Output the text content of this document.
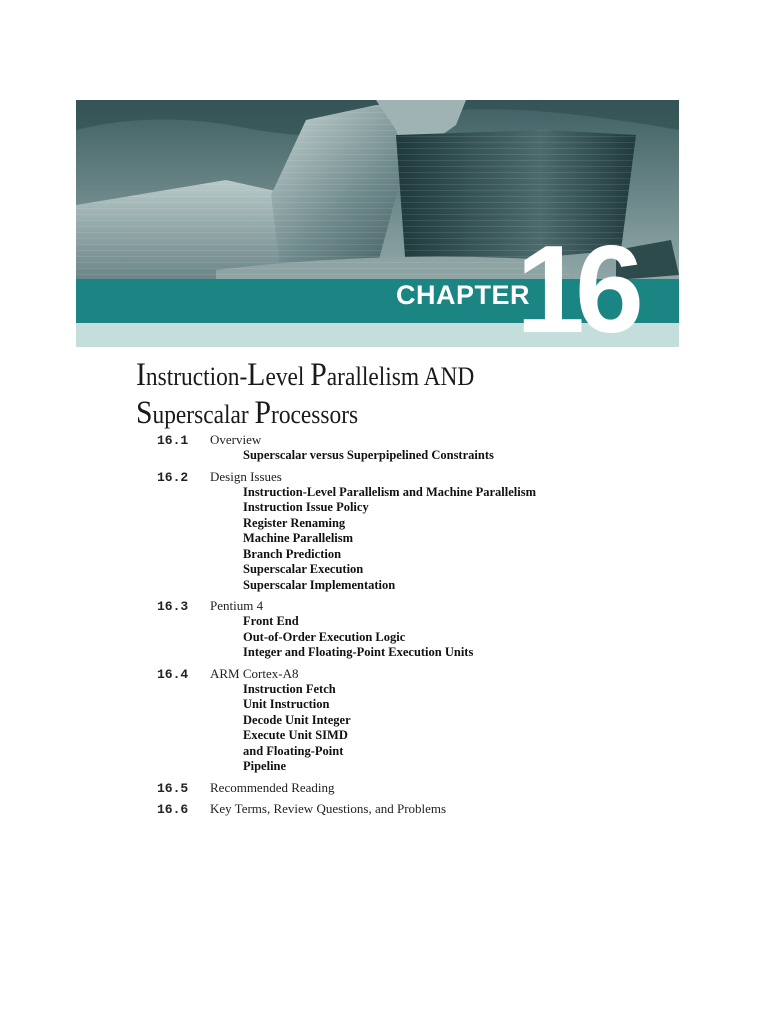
CHAPTER
16
Instruction-Level Parallelism AND
Superscalar Processors
16.1	Overview
Superscalar versus Superpipelined Constraints
16.2	Design Issues
Instruction-Level Parallelism and Machine Parallelism
Instruction Issue Policy
Register Renaming
Machine Parallelism
Branch Prediction
Superscalar Execution
Superscalar Implementation
16.3	Pentium 4
Front End
Out-of-Order Execution Logic
Integer and Floating-Point Execution Units
16.4	ARM Cortex-A8
Instruction Fetch
Unit Instruction
Decode Unit Integer
Execute Unit SIMD
and Floating-Point
Pipeline
16.5	Recommended Reading
16.6	Key Terms, Review Questions, and Problems
